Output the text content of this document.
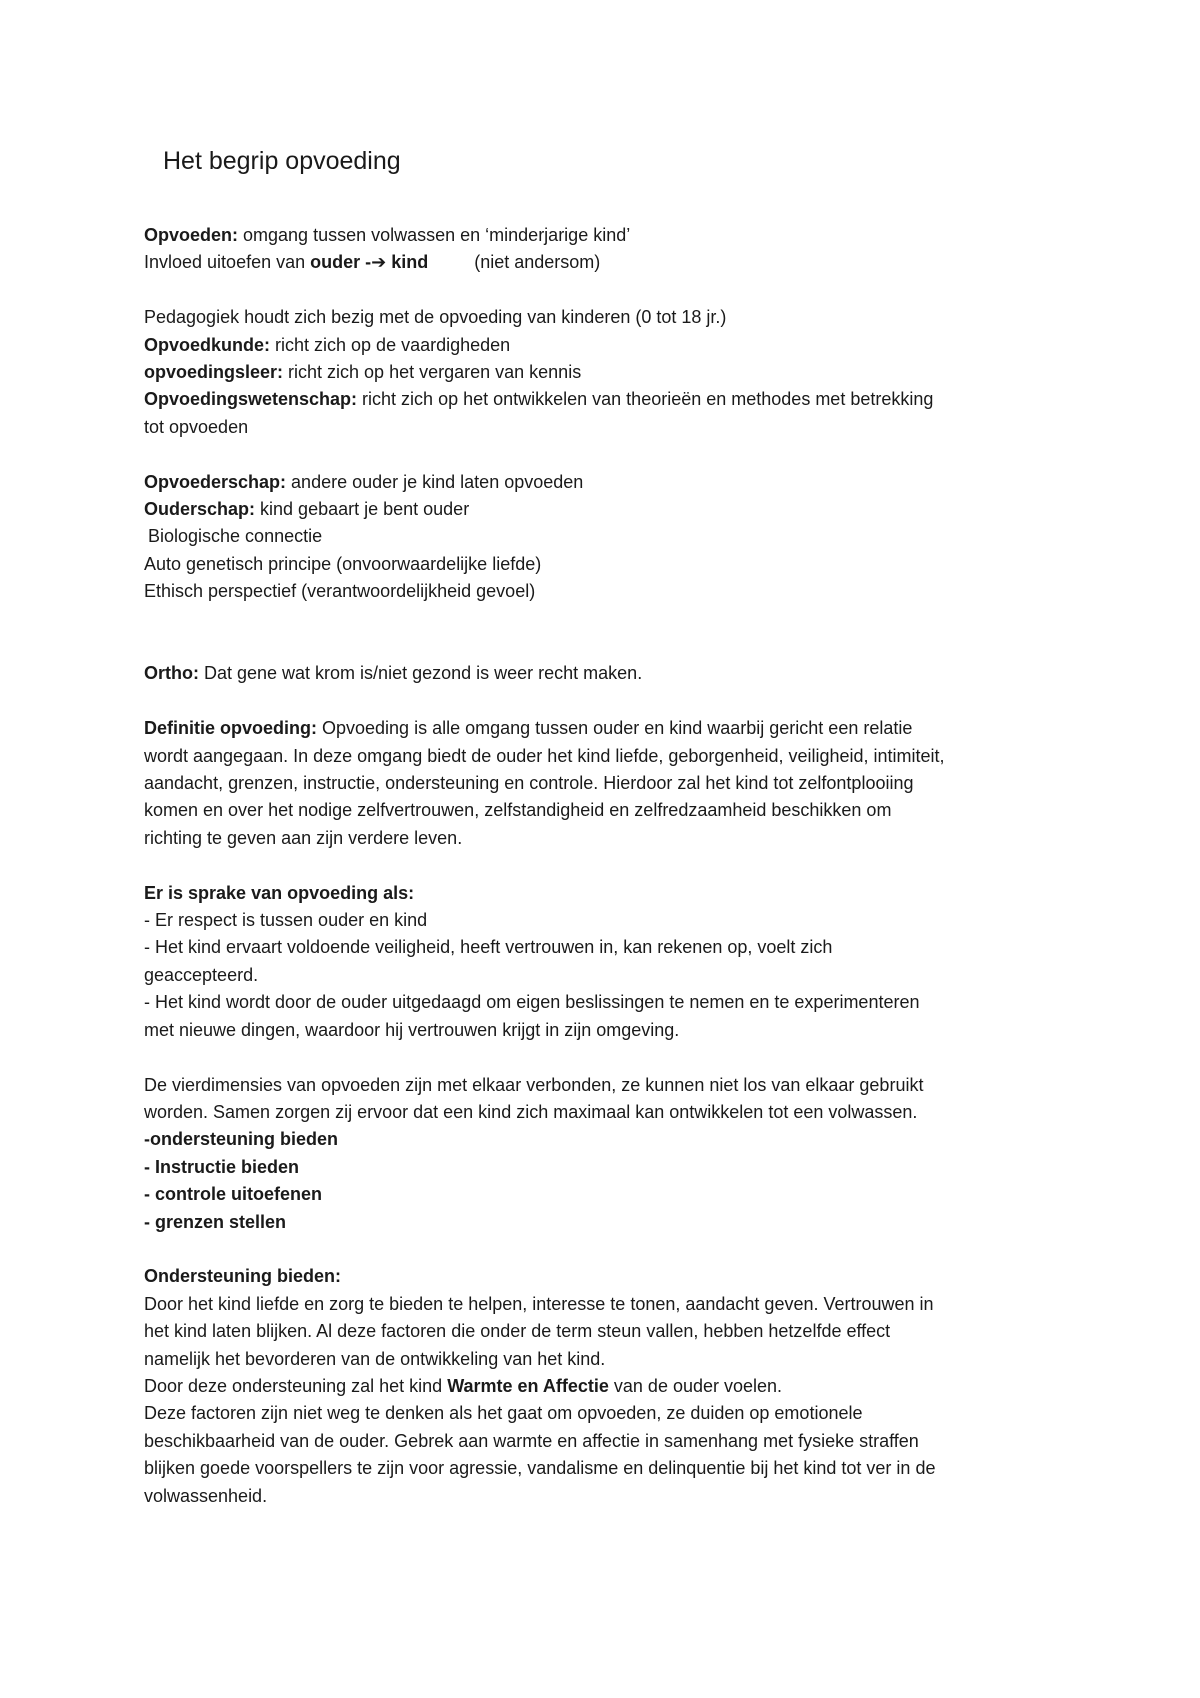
Het begrip opvoeding
Opvoeden: omgang tussen volwassen en ‘minderjarige kind’
Invloed uitoefen van ouder -➔ kind	(niet andersom)
Pedagogiek houdt zich bezig met de opvoeding van kinderen (0 tot 18 jr.)
Opvoedkunde: richt zich op de vaardigheden
opvoedingsleer: richt zich op het vergaren van kennis
Opvoedingswetenschap: richt zich op het ontwikkelen van theorieën en methodes met betrekking
tot opvoeden
Opvoederschap: andere ouder je kind laten opvoeden
Ouderschap: kind gebaart je bent ouder
Biologische connectie
Auto genetisch principe (onvoorwaardelijke liefde)
Ethisch perspectief (verantwoordelijkheid gevoel)
Ortho: Dat gene wat krom is/niet gezond is weer recht maken.
Definitie opvoeding: Opvoeding is alle omgang tussen ouder en kind waarbij gericht een relatie
wordt aangegaan. In deze omgang biedt de ouder het kind liefde, geborgenheid, veiligheid, intimiteit,
aandacht, grenzen, instructie, ondersteuning en controle. Hierdoor zal het kind tot zelfontplooiing
komen en over het nodige zelfvertrouwen, zelfstandigheid en zelfredzaamheid beschikken om
richting te geven aan zijn verdere leven.
Er is sprake van opvoeding als:
- Er respect is tussen ouder en kind
- Het kind ervaart voldoende veiligheid, heeft vertrouwen in, kan rekenen op, voelt zich
geaccepteerd.
- Het kind wordt door de ouder uitgedaagd om eigen beslissingen te nemen en te experimenteren
met nieuwe dingen, waardoor hij vertrouwen krijgt in zijn omgeving.
De vierdimensies van opvoeden zijn met elkaar verbonden, ze kunnen niet los van elkaar gebruikt
worden. Samen zorgen zij ervoor dat een kind zich maximaal kan ontwikkelen tot een volwassen.
-ondersteuning bieden
- Instructie bieden
- controle uitoefenen
- grenzen stellen
Ondersteuning bieden:
Door het kind liefde en zorg te bieden te helpen, interesse te tonen, aandacht geven. Vertrouwen in
het kind laten blijken. Al deze factoren die onder de term steun vallen, hebben hetzelfde effect
namelijk het bevorderen van de ontwikkeling van het kind.
Door deze ondersteuning zal het kind Warmte en Affectie van de ouder voelen.
Deze factoren zijn niet weg te denken als het gaat om opvoeden, ze duiden op emotionele
beschikbaarheid van de ouder. Gebrek aan warmte en affectie in samenhang met fysieke straffen
blijken goede voorspellers te zijn voor agressie, vandalisme en delinquentie bij het kind tot ver in de
volwassenheid.
